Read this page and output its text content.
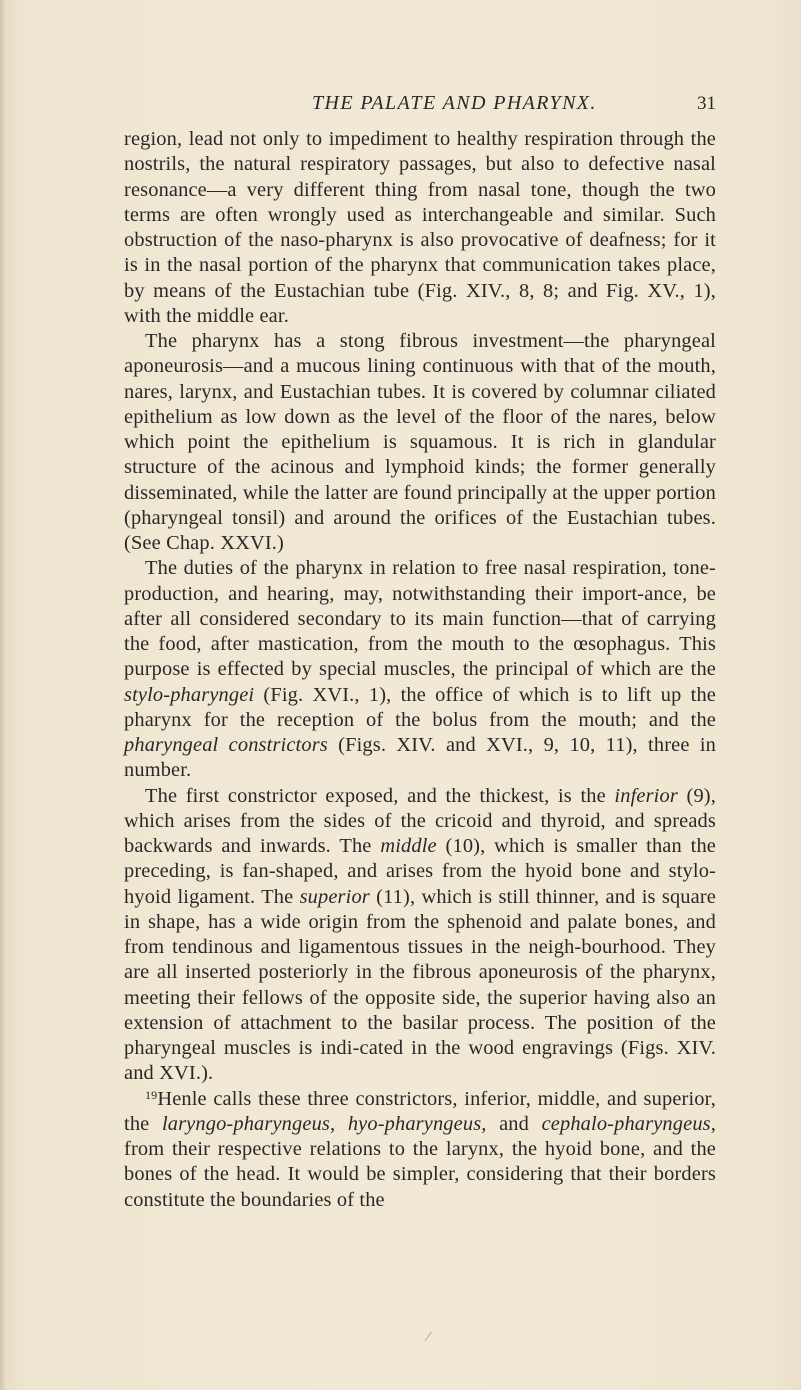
THE PALATE AND PHARYNX.	31

region, lead not only to impediment to healthy respiration through the nostrils, the natural respiratory passages, but also to defective nasal resonance—a very different thing from nasal tone, though the two terms are often wrongly used as interchangeable and similar. Such obstruction of the naso-pharynx is also provocative of deafness; for it is in the nasal portion of the pharynx that communication takes place, by means of the Eustachian tube (Fig. XIV., 8, 8; and Fig. XV., 1), with the middle ear.

The pharynx has a stong fibrous investment—the pharyngeal aponeurosis—and a mucous lining continuous with that of the mouth, nares, larynx, and Eustachian tubes. It is covered by columnar ciliated epithelium as low down as the level of the floor of the nares, below which point the epithelium is squamous. It is rich in glandular structure of the acinous and lymphoid kinds; the former generally disseminated, while the latter are found principally at the upper portion (pharyngeal tonsil) and around the orifices of the Eustachian tubes. (See Chap. XXVI.)

The duties of the pharynx in relation to free nasal respiration, tone-production, and hearing, may, notwithstanding their import-ance, be after all considered secondary to its main function—that of carrying the food, after mastication, from the mouth to the œsophagus. This purpose is effected by special muscles, the principal of which are the stylo-pharyngei (Fig. XVI., 1), the office of which is to lift up the pharynx for the reception of the bolus from the mouth; and the pharyngeal constrictors (Figs. XIV. and XVI., 9, 10, 11), three in number.

The first constrictor exposed, and the thickest, is the inferior (9), which arises from the sides of the cricoid and thyroid, and spreads backwards and inwards. The middle (10), which is smaller than the preceding, is fan-shaped, and arises from the hyoid bone and stylo-hyoid ligament. The superior (11), which is still thinner, and is square in shape, has a wide origin from the sphenoid and palate bones, and from tendinous and ligamentous tissues in the neigh-bourhood. They are all inserted posteriorly in the fibrous aponeurosis of the pharynx, meeting their fellows of the opposite side, the superior having also an extension of attachment to the basilar process. The position of the pharyngeal muscles is indi-cated in the wood engravings (Figs. XIV. and XVI.).

$^{19}$Henle calls these three constrictors, inferior, middle, and superior, the laryngo-pharyngeus, hyo-pharyngeus, and cephalo-pharyngeus, from their respective relations to the larynx, the hyoid bone, and the bones of the head. It would be simpler, considering that their borders constitute the boundaries of the

⁄
